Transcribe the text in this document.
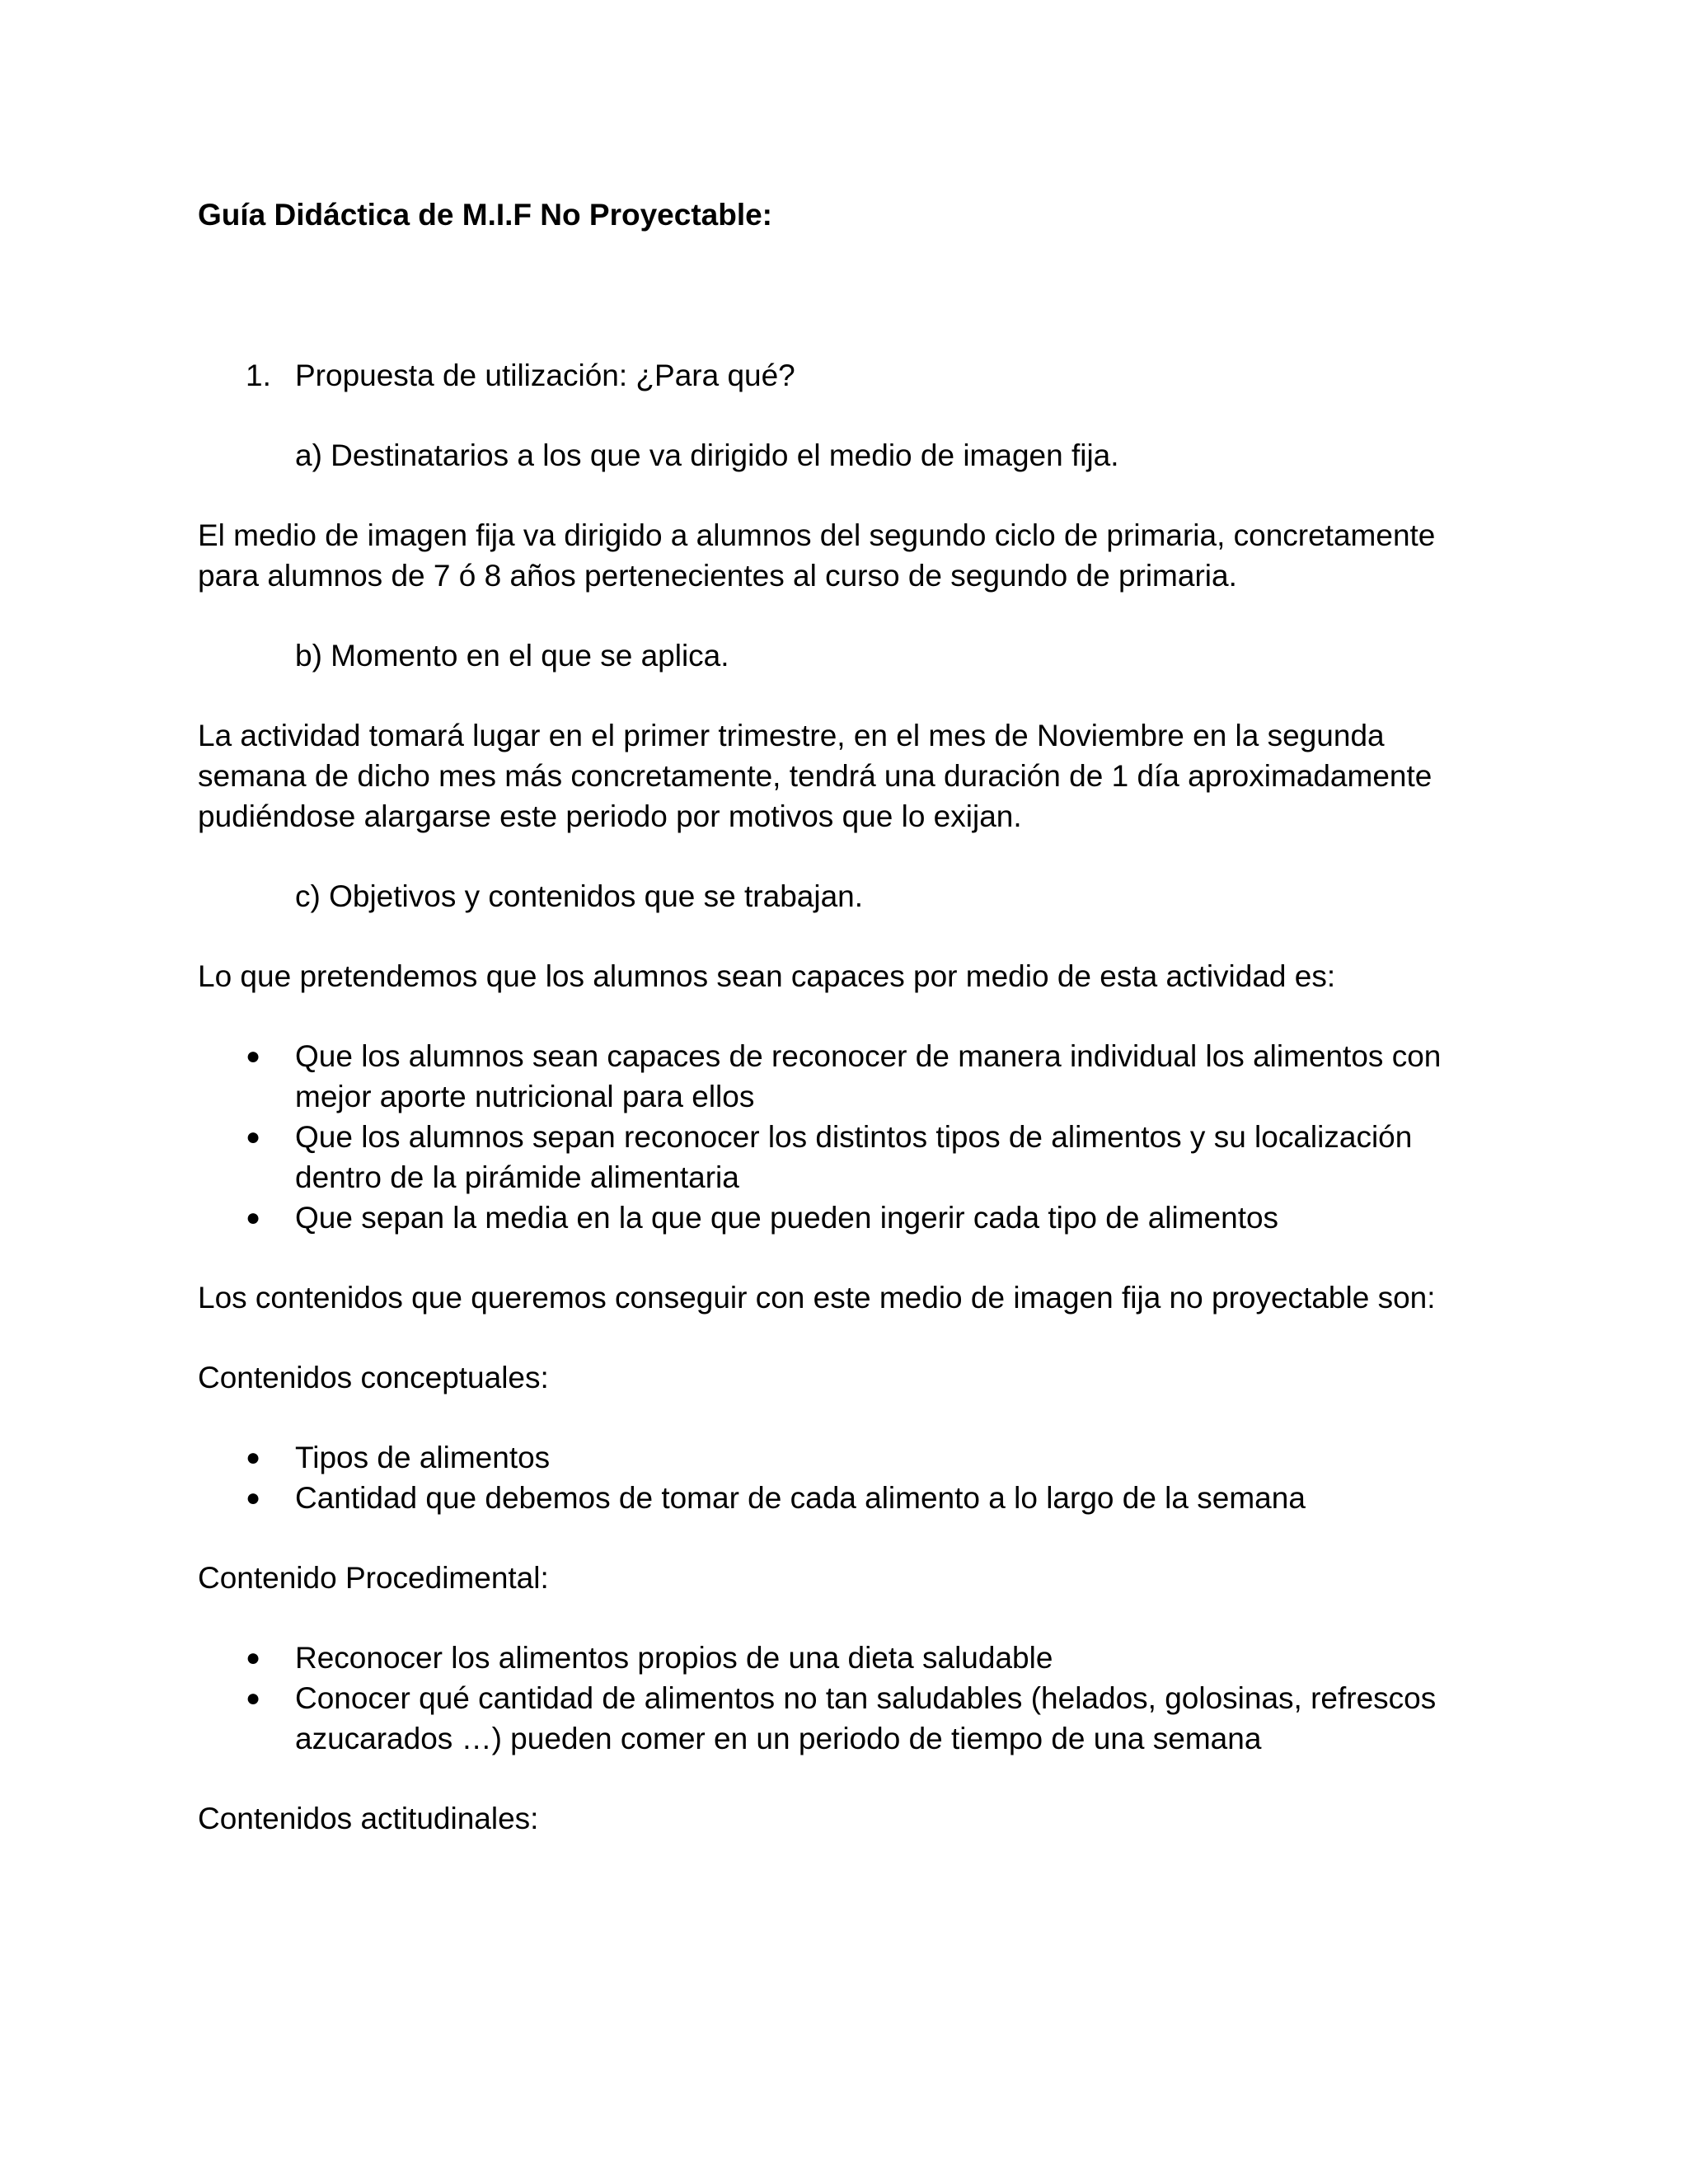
Guía Didáctica de M.I.F No Proyectable:

1. Propuesta de utilización: ¿Para qué?
a) Destinatarios a los que va dirigido el medio de imagen fija.
El medio de imagen fija va dirigido a alumnos del segundo ciclo de primaria, concretamente para alumnos de 7 ó 8 años pertenecientes al curso de segundo de primaria.
b) Momento en el que se aplica.
La actividad tomará lugar en el primer trimestre, en el mes de Noviembre en la segunda semana de dicho mes más concretamente, tendrá una duración de 1 día aproximadamente pudiéndose alargarse este periodo por motivos que lo exijan.
c) Objetivos y contenidos que se trabajan.
Lo que pretendemos que los alumnos sean capaces por medio de esta actividad es:
●	Que los alumnos sean capaces de reconocer de manera individual los alimentos con mejor aporte nutricional para ellos
●	Que los alumnos sepan reconocer los distintos tipos de alimentos y su localización dentro de la pirámide alimentaria
●	Que sepan la media en la que que pueden ingerir cada tipo de alimentos
Los contenidos que queremos conseguir con este medio de imagen fija no proyectable son:
Contenidos conceptuales:
●	Tipos de alimentos
●	Cantidad que debemos de tomar de cada alimento a lo largo de la semana
Contenido Procedimental:
●	Reconocer los alimentos propios de una dieta saludable
●	Conocer qué cantidad de alimentos no tan saludables (helados, golosinas, refrescos azucarados …) pueden comer en un periodo de tiempo de una semana
Contenidos actitudinales:
